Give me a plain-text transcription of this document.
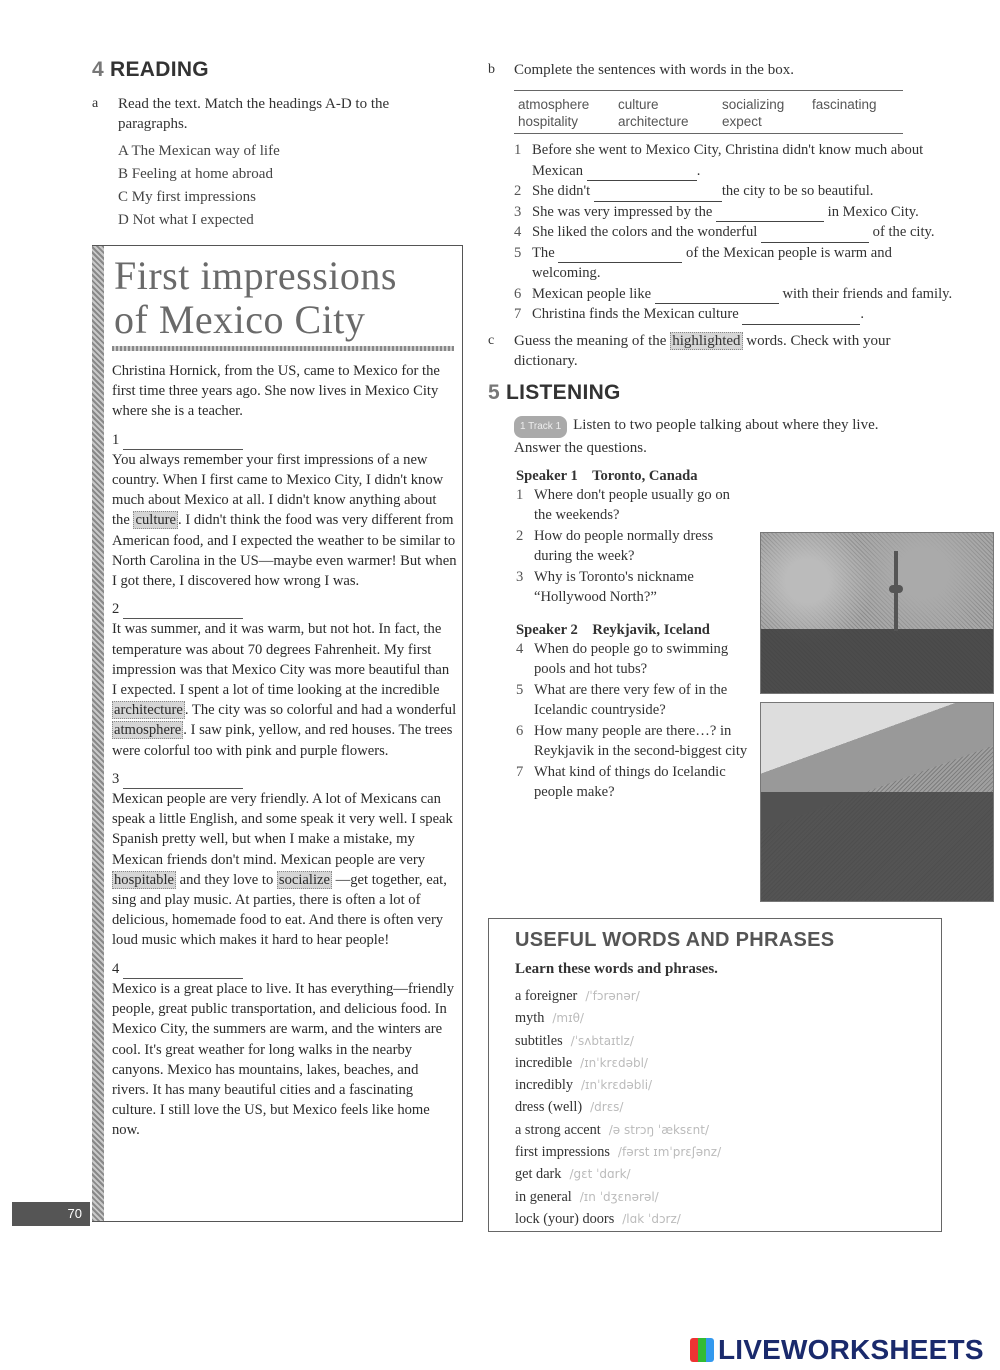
4 READING
a	Read the text. Match the headings A-D to the paragraphs.
A The Mexican way of life
B Feeling at home abroad
C My first impressions
D Not what I expected
First impressions
of Mexico City
Christina Hornick, from the US, came to Mexico for the first time three years ago. She now lives in Mexico City where she is a teacher.
1
You always remember your first impressions of a new country. When I first came to Mexico City, I didn't know much about Mexico at all. I didn't know anything about the culture . I didn't think the food was very different from American food, and I expected the weather to be similar to North Carolina in the US—maybe even warmer! But when I got there, I discovered how wrong I was.
2
It was summer, and it was warm, but not hot. In fact, the temperature was about 70 degrees Fahrenheit. My first impression was that Mexico City was more beautiful than I expected. I spent a lot of time looking at the incredible architecture . The city was so colorful and had a wonderful atmosphere . I saw pink, yellow, and red houses. The trees were colorful too with pink and purple flowers.
3
Mexican people are very friendly. A lot of Mexicans can speak a little English, and some speak it very well. I speak Spanish pretty well, but when I make a mistake, my Mexican friends don't mind. Mexican people are very hospitable and they love to socialize —get together, eat, sing and play music. At parties, there is often a lot of delicious, homemade food to eat. And there is often very loud music which makes it hard to hear people!
4
Mexico is a great place to live. It has everything—friendly people, great public transportation, and delicious food. In Mexico City, the summers are warm, and the winters are cool. It's great weather for long walks in the nearby canyons. Mexico has mountains, lakes, beaches, and rivers. It has many beautiful cities and a fascinating culture. I still love the US, but Mexico feels like home now.
70
b	Complete the sentences with words in the box.
atmosphere	culture	socializing	fascinating
hospitality	architecture	expect
1 Before she went to Mexico City, Christina didn't know much about Mexican	.
2 She didn't	the city to be so beautiful.
3 She was very impressed by the	in Mexico City.
4 She liked the colors and the wonderful	of the city.
5 The	of the Mexican people is warm and welcoming.
6 Mexican people like	with their friends and family.
7 Christina finds the Mexican culture	.
c	Guess the meaning of the highlighted words. Check with your dictionary.
5 LISTENING
1 Track 1 Listen to two people talking about where they live. Answer the questions.
Speaker 1    Toronto, Canada
1 Where don't people usually go on the weekends?
2 How do people normally dress during the week?
3 Why is Toronto's nickname “Hollywood North?”
Speaker 2    Reykjavik, Iceland
4 When do people go to swimming pools and hot tubs?
5 What are there very few of in the Icelandic countryside?
6 How many people are there…? in Reykjavik in the second-biggest city
7 What kind of things do Icelandic people make?
USEFUL WORDS AND PHRASES
Learn these words and phrases.
a foreigner /ˈfɔrənər/
myth /mɪθ/
subtitles /ˈsʌbtaɪtlz/
incredible /ɪnˈkrɛdəbl/
incredibly /ɪnˈkrɛdəbli/
dress (well) /drɛs/
a strong accent /ə strɔŋ ˈæksɛnt/
first impressions /fərst ɪmˈprɛʃənz/
get dark /gɛt ˈdɑrk/
in general /ɪn ˈdʒɛnərəl/
lock (your) doors /lɑk ˈdɔrz/
LIVEWORKSHEETS
